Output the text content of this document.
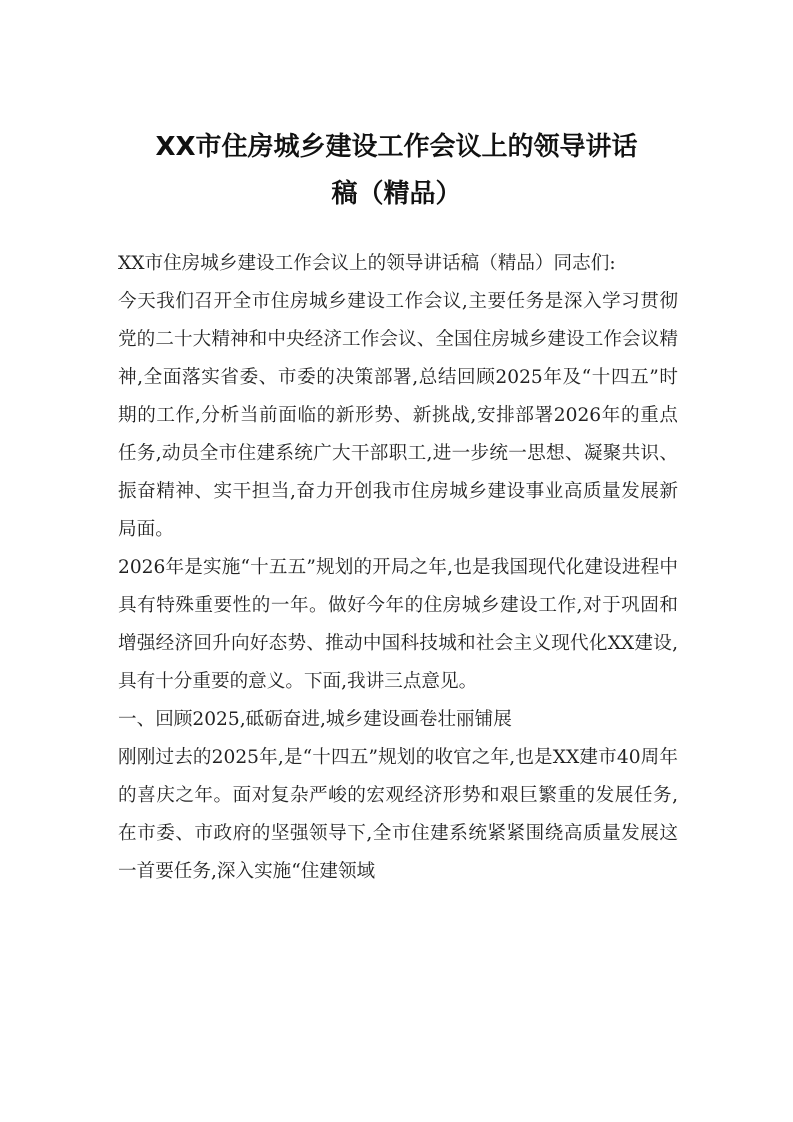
XX市住房城乡建设工作会议上的领导讲话
稿（精品）

XX市住房城乡建设工作会议上的领导讲话稿（精品）同志们:

今天我们召开全市住房城乡建设工作会议,主要任务是深入学习贯彻党的二十大精神和中央经济工作会议、全国住房城乡建设工作会议精神,全面落实省委、市委的决策部署,总结回顾2025年及“十四五”时期的工作,分析当前面临的新形势、新挑战,安排部署2026年的重点任务,动员全市住建系统广大干部职工,进一步统一思想、凝聚共识、振奋精神、实干担当,奋力开创我市住房城乡建设事业高质量发展新局面。

2026年是实施“十五五”规划的开局之年,也是我国现代化建设进程中具有特殊重要性的一年。做好今年的住房城乡建设工作,对于巩固和增强经济回升向好态势、推动中国科技城和社会主义现代化XX建设,具有十分重要的意义。下面,我讲三点意见。

一、回顾2025,砥砺奋进,城乡建设画卷壮丽铺展

刚刚过去的2025年,是“十四五”规划的收官之年,也是XX建市40周年的喜庆之年。面对复杂严峻的宏观经济形势和艰巨繁重的发展任务,在市委、市政府的坚强领导下,全市住建系统紧紧围绕高质量发展这一首要任务,深入实施“住建领域
